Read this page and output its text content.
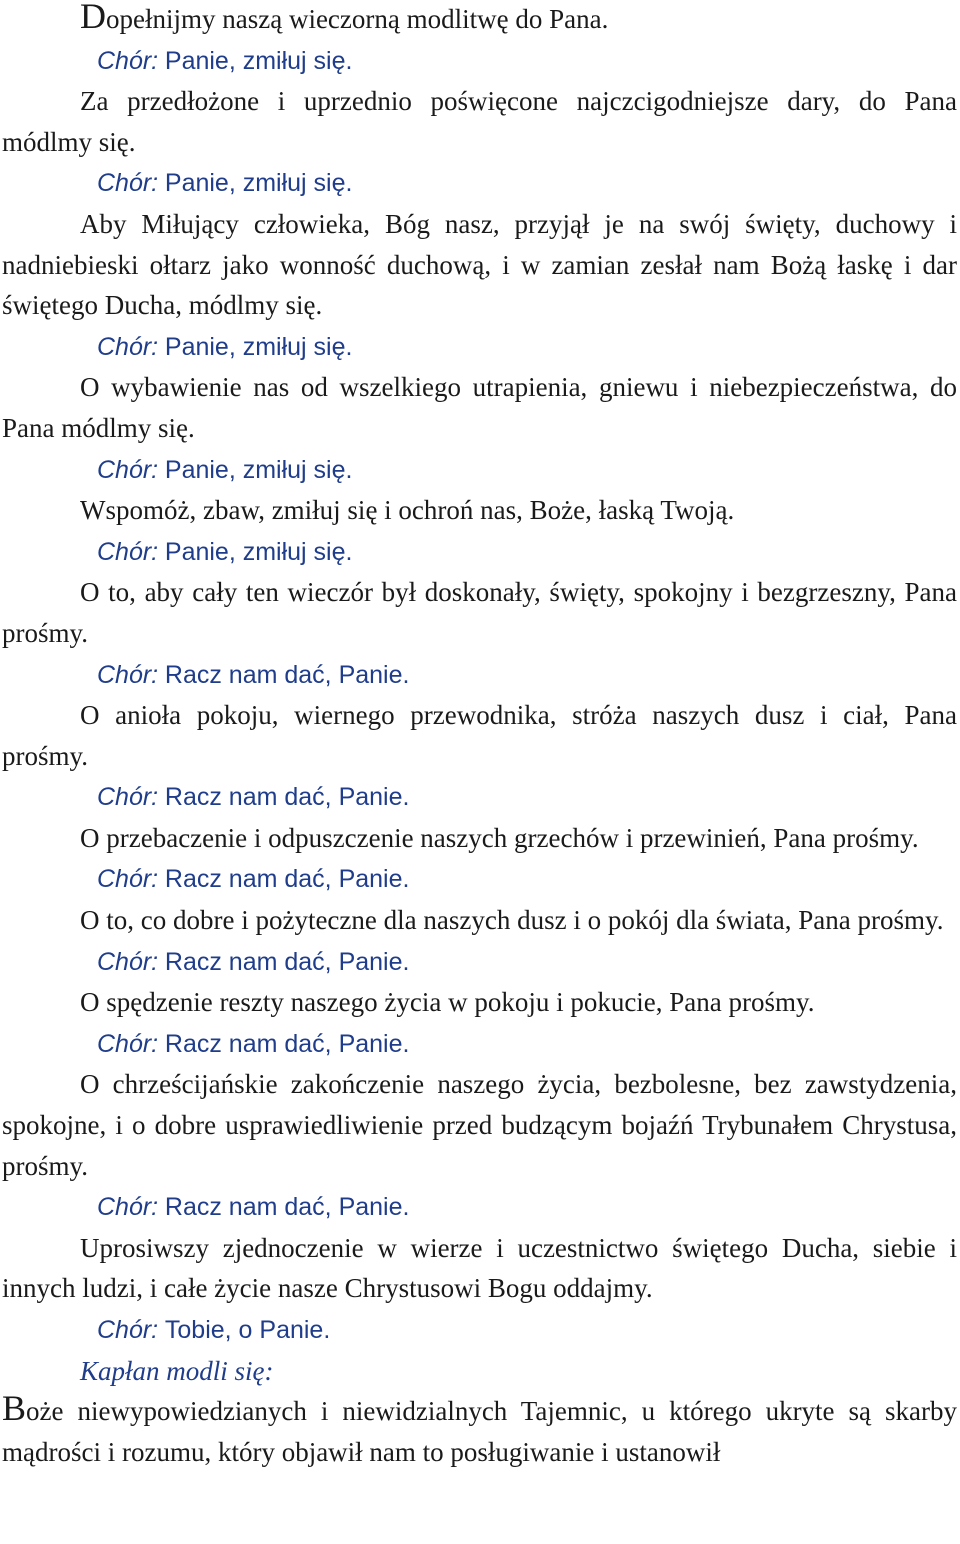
Dopełnijmy naszą wieczorną modlitwę do Pana.

Chór: Panie, zmiłuj się.

Za przedłożone i uprzednio poświęcone najczcigodniejsze dary, do Pana módlmy się.

Chór: Panie, zmiłuj się.

Aby Miłujący człowieka, Bóg nasz, przyjął je na swój święty, duchowy i nadniebieski ołtarz jako wonność duchową, i w zamian zesłał nam Bożą łaskę i dar świętego Ducha, módlmy się.

Chór: Panie, zmiłuj się.

O wybawienie nas od wszelkiego utrapienia, gniewu i niebezpieczeństwa, do Pana módlmy się.

Chór: Panie, zmiłuj się.

Wspomóż, zbaw, zmiłuj się i ochroń nas, Boże, łaską Twoją.

Chór: Panie, zmiłuj się.

O to, aby cały ten wieczór był doskonały, święty, spokojny i bezgrzeszny, Pana prośmy.

Chór: Racz nam dać, Panie.

O anioła pokoju, wiernego przewodnika, stróża naszych dusz i ciał, Pana prośmy.

Chór: Racz nam dać, Panie.

O przebaczenie i odpuszczenie naszych grzechów i przewinień, Pana prośmy.

Chór: Racz nam dać, Panie.

O to, co dobre i pożyteczne dla naszych dusz i o pokój dla świata, Pana prośmy.

Chór: Racz nam dać, Panie.

O spędzenie reszty naszego życia w pokoju i pokucie, Pana prośmy.

Chór: Racz nam dać, Panie.

O chrześcijańskie zakończenie naszego życia, bezbolesne, bez zawstydzenia, spokojne, i o dobre usprawiedliwienie przed budzącym bojaźń Trybunałem Chrystusa, prośmy.

Chór: Racz nam dać, Panie.

Uprosiwszy zjednoczenie w wierze i uczestnictwo świętego Ducha, siebie i innych ludzi, i całe życie nasze Chrystusowi Bogu oddajmy.

Chór: Tobie, o Panie.

Kapłan modli się:

Boże niewypowiedzianych i niewidzialnych Tajemnic, u którego ukryte są skarby mądrości i rozumu, który objawił nam to posługiwanie i ustanowił
